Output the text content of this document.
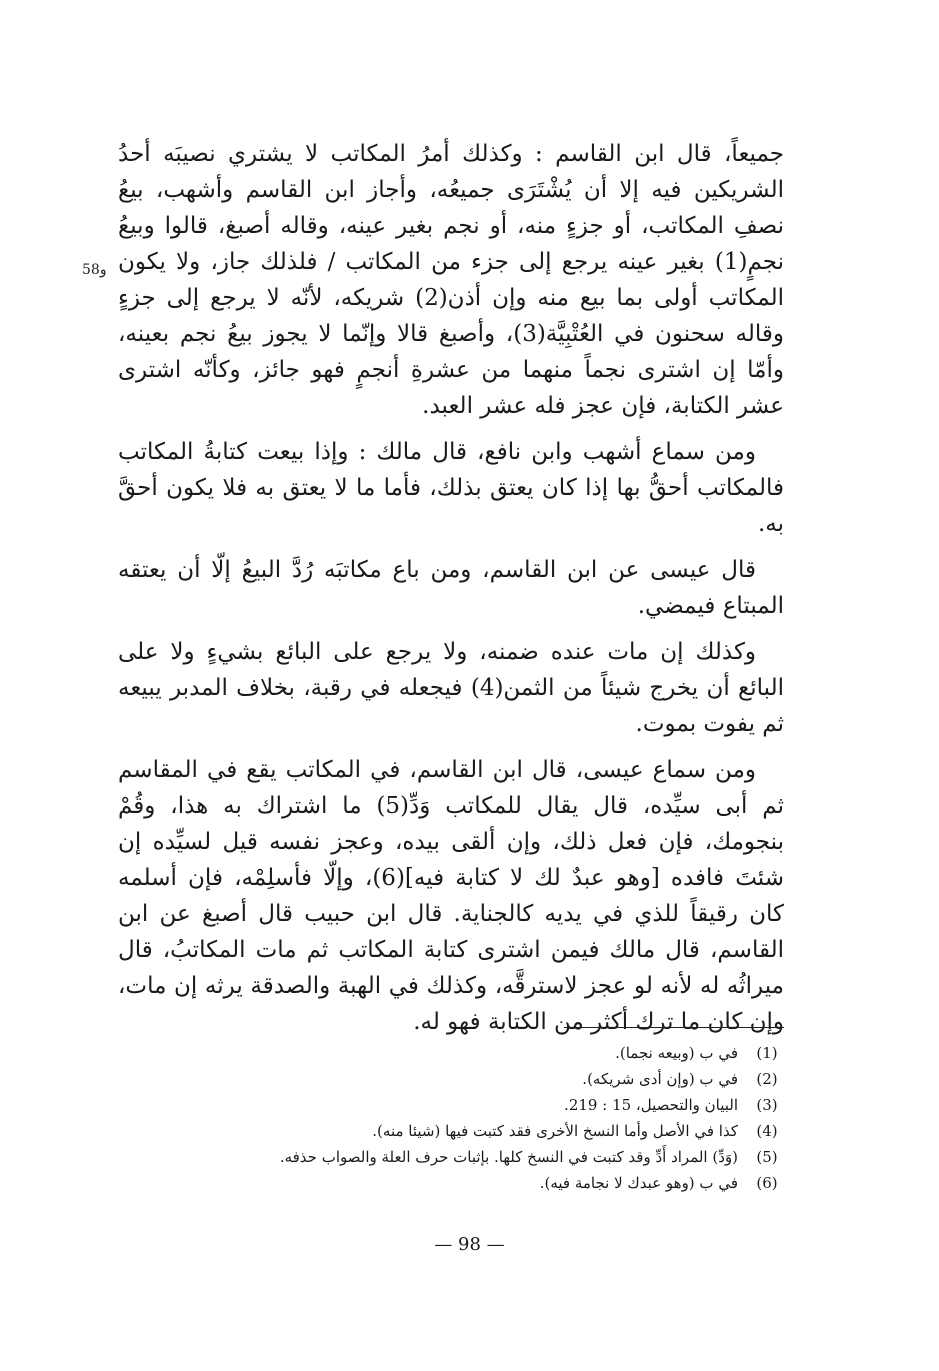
58و

جميعاً، قال ابن القاسم : وكذلك أمرُ المكاتب لا يشتري نصيبَه أحدُ الشريكين فيه إلا أن يُشْتَرَى جميعُه، وأجاز ابن القاسم وأشهب، بيعُ نصفِ المكاتب، أو جزءٍ منه، أو نجم بغير عينه، وقاله أصبغ، قالوا وبيعُ نجمٍ(1) بغير عينه يرجع إلى جزء من المكاتب / فلذلك جاز، ولا يكون المكاتب أولى بما بيع منه وإن أذن(2) شريكه، لأنّه لا يرجع إلى جزءٍ وقاله سحنون في العُتْبِيَّة(3)، وأصبغ قالا وإنّما لا يجوز بيعُ نجم بعينه، وأمّا إن اشترى نجماً منهما من عشرةِ أنجمٍ فهو جائز، وكأنّه اشترى عشر الكتابة، فإن عجز فله عشر العبد.

ومن سماع أشهب وابن نافع، قال مالك : وإذا بيعت كتابةُ المكاتب فالمكاتب أحقُّ بها إذا كان يعتق بذلك، فأما ما لا يعتق به فلا يكون أحقَّ به.

قال عيسى عن ابن القاسم، ومن باع مكاتبَه رُدَّ البيعُ إلّا أن يعتقه المبتاع فيمضي.

وكذلك إن مات عنده ضمنه، ولا يرجع على البائع بشيءٍ ولا على البائع أن يخرج شيئاً من الثمن(4) فيجعله في رقبة، بخلاف المدبر يبيعه ثم يفوت بموت.

ومن سماع عيسى، قال ابن القاسم، في المكاتب يقع في المقاسم ثم أبى سيِّده، قال يقال للمكاتب وَدِّ(5) ما اشتراك به هذا، وقُمْ بنجومك، فإن فعل ذلك، وإن ألقى بيده، وعجز نفسه قيل لسيِّده إن شئتَ فافده [وهو عبدٌ لك لا كتابة فيه](6)، وإلّا فأسلِمْه، فإن أسلمه كان رقيقاً للذي في يديه كالجناية. قال ابن حبيب قال أصبغ عن ابن القاسم، قال مالك فيمن اشترى كتابة المكاتب ثم مات المكاتبُ، قال ميراثُه له لأنه لو عجز لاسترقَّه، وكذلك في الهبة والصدقة يرثه إن مات، وإن كان ما ترك أكثر من الكتابة فهو له.

(1)
في ب (وبيعه نجما).
(2)
في ب (وإن أدى شريكه).
(3)
البيان والتحصيل، 15 : 219.
(4)
كذا في الأصل وأما النسخ الأخرى فقد كتبت فيها (شيئا منه).
(5)
(وَدِّ) المراد أَدِّ وقد كتبت في النسخ كلها. بإثبات حرف العلة والصواب حذفه.
(6)
في ب (وهو عبدك لا نجامة فيه).
— 98 —
